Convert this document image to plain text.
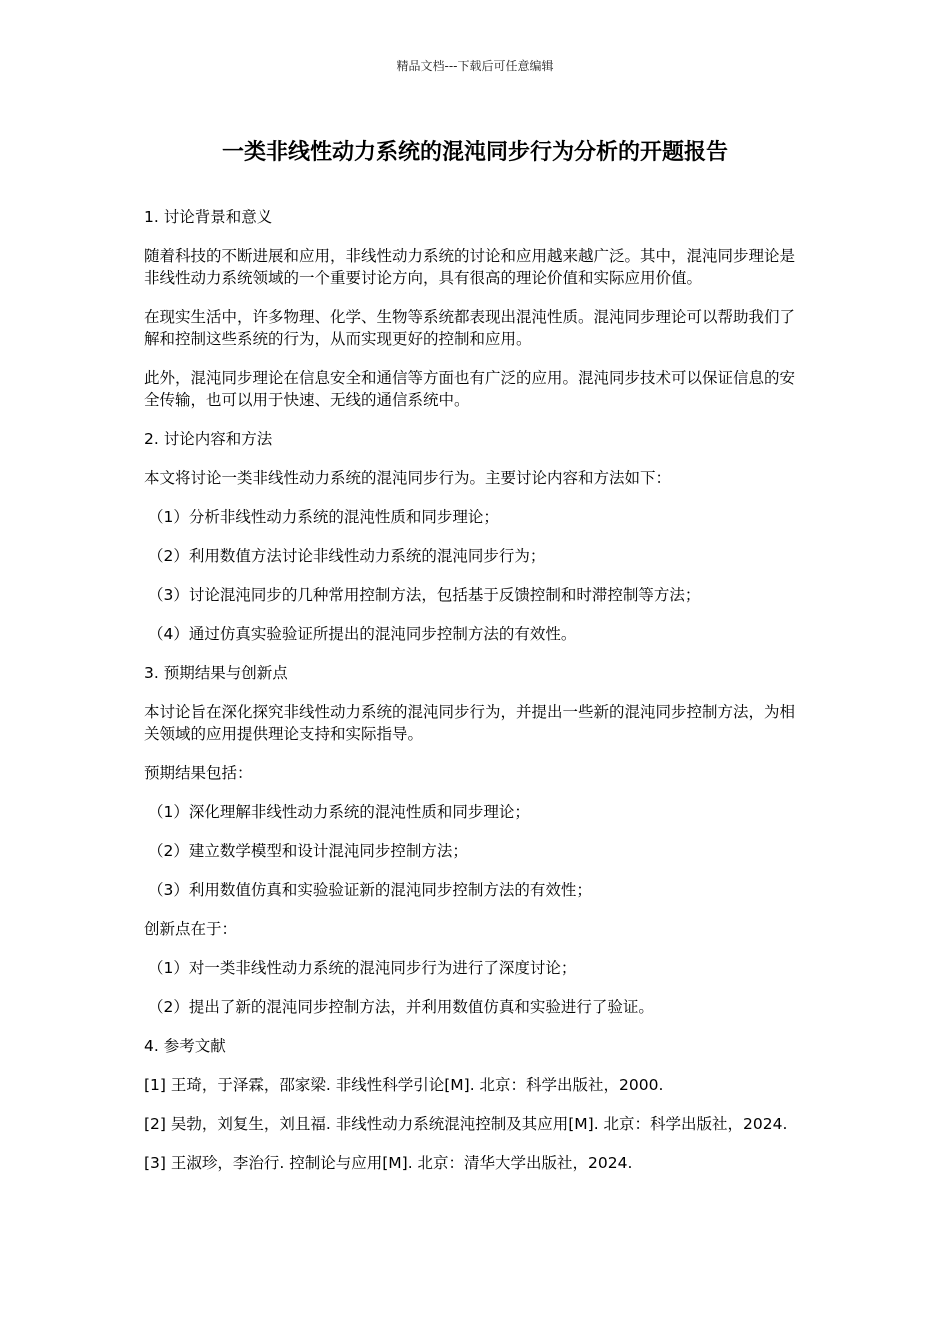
精品文档---下载后可任意编辑
一类非线性动力系统的混沌同步行为分析的开题报告
1. 讨论背景和意义
随着科技的不断进展和应用，非线性动力系统的讨论和应用越来越广泛。其中，混沌同步理论是非线性动力系统领域的一个重要讨论方向，具有很高的理论价值和实际应用价值。
在现实生活中，许多物理、化学、生物等系统都表现出混沌性质。混沌同步理论可以帮助我们了解和控制这些系统的行为，从而实现更好的控制和应用。
此外，混沌同步理论在信息安全和通信等方面也有广泛的应用。混沌同步技术可以保证信息的安全传输，也可以用于快速、无线的通信系统中。
2. 讨论内容和方法
本文将讨论一类非线性动力系统的混沌同步行为。主要讨论内容和方法如下：
（1）分析非线性动力系统的混沌性质和同步理论；
（2）利用数值方法讨论非线性动力系统的混沌同步行为；
（3）讨论混沌同步的几种常用控制方法，包括基于反馈控制和时滞控制等方法；
（4）通过仿真实验验证所提出的混沌同步控制方法的有效性。
3. 预期结果与创新点
本讨论旨在深化探究非线性动力系统的混沌同步行为，并提出一些新的混沌同步控制方法，为相关领域的应用提供理论支持和实际指导。
预期结果包括：
（1）深化理解非线性动力系统的混沌性质和同步理论；
（2）建立数学模型和设计混沌同步控制方法；
（3）利用数值仿真和实验验证新的混沌同步控制方法的有效性；
创新点在于：
（1）对一类非线性动力系统的混沌同步行为进行了深度讨论；
（2）提出了新的混沌同步控制方法，并利用数值仿真和实验进行了验证。
4. 参考文献
[1] 王琦，于泽霖，邵家梁. 非线性科学引论[M]. 北京：科学出版社，2000.
[2] 吴勃，刘复生，刘且福. 非线性动力系统混沌控制及其应用[M]. 北京：科学出版社，2024.
[3] 王淑珍，李治行. 控制论与应用[M]. 北京：清华大学出版社，2024.
